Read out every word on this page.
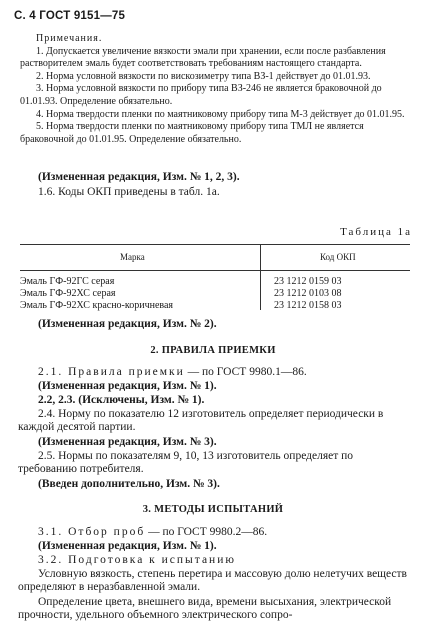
С. 4 ГОСТ 9151—75
Примечания.
1. Допускается увеличение вязкости эмали при хранении, если после разбавления растворителем эмаль будет соответствовать требованиям настоящего стандарта.
2. Норма условной вязкости по вискозиметру типа ВЗ-1 действует до 01.01.93.
3. Норма условной вязкости по прибору типа ВЗ-246 не является браковочной до 01.01.93. Определение обязательно.
4. Норма твердости пленки по маятниковому прибору типа М-3 действует до 01.01.95.
5. Норма твердости пленки по маятниковому прибору типа ТМЛ не является браковочной до 01.01.95. Определение обязательно.
(Измененная редакция, Изм. № 1, 2, 3).
1.6. Коды ОКП приведены в табл. 1а.
Таблица 1а
Марка	Код ОКП
Эмаль ГФ-92ГС серая	23 1212 0159 03
Эмаль ГФ-92ХС серая	23 1212 0103 08
Эмаль ГФ-92ХС красно-коричневая	23 1212 0158 03
(Измененная редакция, Изм. № 2).
2. ПРАВИЛА ПРИЕМКИ
2.1. Правила приемки — по ГОСТ 9980.1—86.
(Измененная редакция, Изм. № 1).
2.2, 2.3. (Исключены, Изм. № 1).
2.4. Норму по показателю 12 изготовитель определяет периодически в каждой десятой партии.
(Измененная редакция, Изм. № 3).
2.5. Нормы по показателям 9, 10, 13 изготовитель определяет по требованию потребителя.
(Введен дополнительно, Изм. № 3).
3. МЕТОДЫ ИСПЫТАНИЙ
3.1. Отбор проб — по ГОСТ 9980.2—86.
(Измененная редакция, Изм. № 1).
3.2. Подготовка к испытанию
Условную вязкость, степень перетира и массовую долю нелетучих веществ определяют в неразбавленной эмали.
Определение цвета, внешнего вида, времени высыхания, электрической прочности, удельного объемного электрического сопро-
